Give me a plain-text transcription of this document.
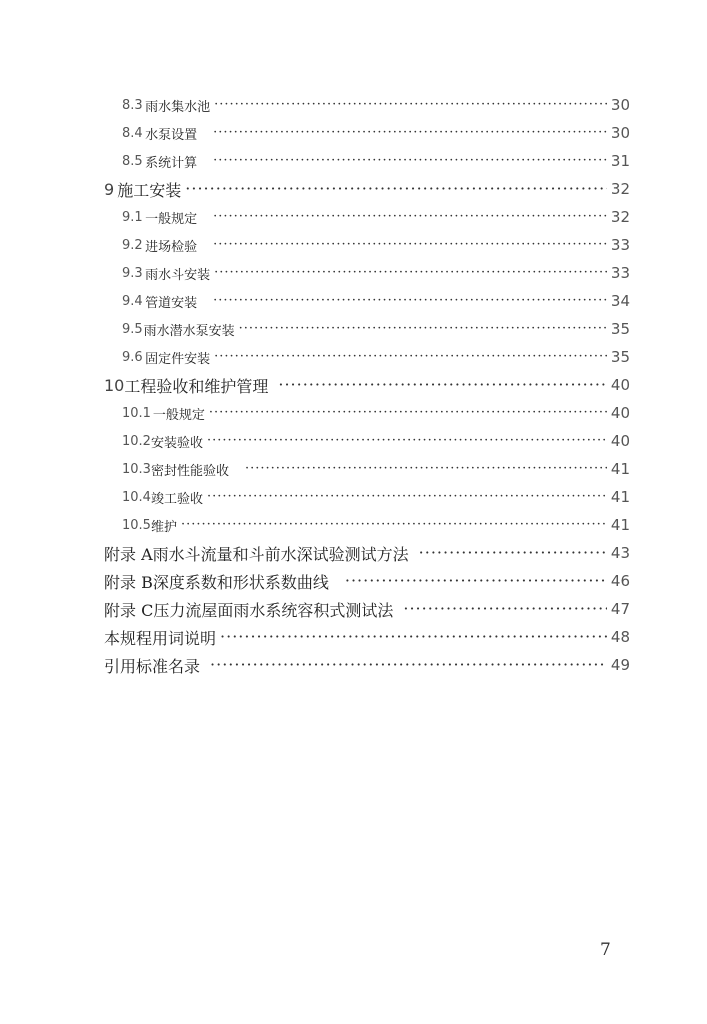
8.3 雨水集水池 ·····	30
8.4 水泵设置 ·····	30
8.5 系统计算 ·····	31
9 施工安装 ·····	32
9.1 一般规定 ·····	32
9.2 进场检验 ·····	33
9.3 雨水斗安装 ·····	33
9.4 管道安装 ·····	34
9.5 雨水潜水泵安装 ·····	35
9.6 固定件安装 ·····	35
10 工程验收和维护管理 ·····	40
10.1 一般规定 ·····	40
10.2 安装验收 ·····	40
10.3 密封性能验收 ·····	41
10.4 竣工验收 ·····	41
10.5 维护 ·····	41
附录 A 雨水斗流量和斗前水深试验测试方法 ·····	43
附录 B 深度系数和形状系数曲线 ·····	46
附录 C 压力流屋面雨水系统容积式测试法 ·····	47
本规程用词说明 ·····	48
引用标准名录 ·····	49
7
